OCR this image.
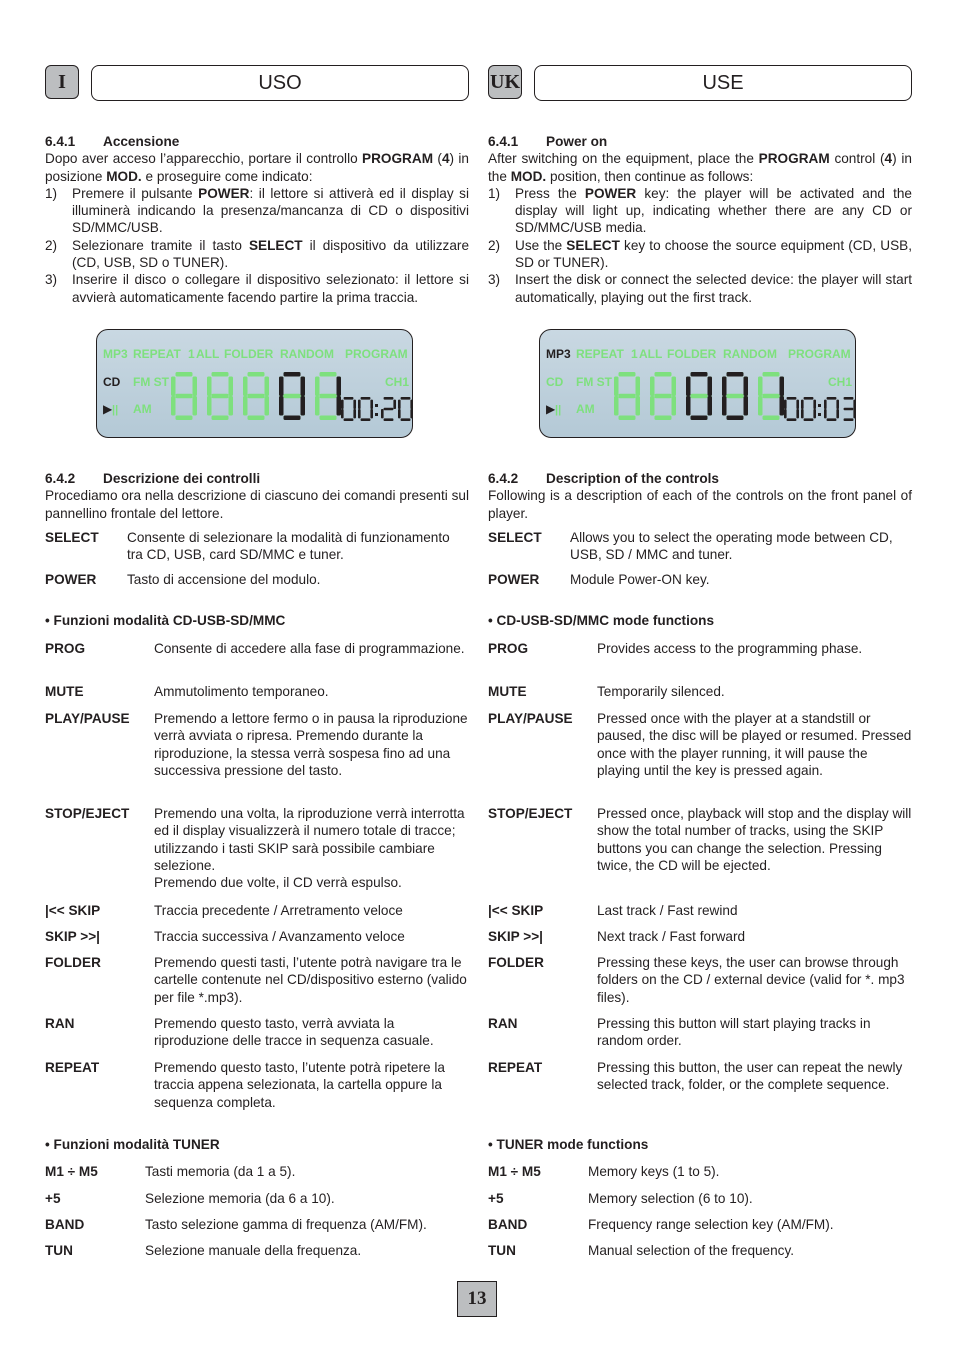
I	USO
6.4.1 Accensione
Dopo aver acceso l’apparecchio, portare il controllo PROGRAM (4) in posizione MOD. e proseguire come indicato:
1) Premere il pulsante POWER: il lettore si attiverà ed il display si illuminerà indicando la presenza/mancanza di CD o dispositivi SD/MMC/USB.
2) Selezionare tramite il tasto SELECT il dispositivo da utilizzare (CD, USB, SD o TUNER).
3) Inserire il disco o collegare il dispositivo selezionato: il lettore si avvierà automaticamente facendo partire la prima traccia.
MP3 REPEAT 1 ALL FOLDER RANDOM PROGRAM
CD FM ST	CH1
▶ || AM
6.4.2 Descrizione dei controlli
Procediamo ora nella descrizione di ciascuno dei comandi presenti sul pannellino frontale del lettore.
SELECT Consente di selezionare la modalità di funzionamento tra CD, USB, card SD/MMC e tuner.
POWER Tasto di accensione del modulo.
• Funzioni modalità CD-USB-SD/MMC
PROG	Consente di accedere alla fase di programmazione.
MUTE	Ammutolimento temporaneo.
PLAY/PAUSE Premendo a lettore fermo o in pausa la riproduzione verrà avviata o ripresa. Premendo durante la riproduzione, la stessa verrà sospesa fino ad una successiva pressione del tasto.
STOP/EJECT Premendo una volta, la riproduzione verrà interrotta ed il display visualizzerà il numero totale di tracce; utilizzando i tasti SKIP sarà possibile cambiare selezione.
Premendo due volte, il CD verrà espulso.
|<< SKIP	Traccia precedente / Arretramento veloce
SKIP >>|	Traccia successiva / Avanzamento veloce
FOLDER	Premendo questi tasti, l’utente potrà navigare tra le cartelle contenute nel CD/dispositivo esterno (valido per file *.mp3).
RAN	Premendo questo tasto, verrà avviata la riproduzione delle tracce in sequenza casuale.
REPEAT	Premendo questo tasto, l’utente potrà ripetere la traccia appena selezionata, la cartella oppure la sequenza completa.
• Funzioni modalità TUNER
M1 ÷ M5	Tasti memoria (da 1 a 5).
+5	Selezione memoria (da 6 a 10).
BAND	Tasto selezione gamma di frequenza (AM/FM).
TUN	Selezione manuale della frequenza.
UK	USE
6.4.1 Power on
After switching on the equipment, place the PROGRAM control (4) in the MOD. position, then continue as follows:
1) Press the POWER key: the player will be activated and the display will light up, indicating whether there are any CD or SD/MMC/USB media.
2) Use the SELECT key to choose the source equipment (CD, USB, SD or TUNER).
3) Insert the disk or connect the selected device: the player will start automatically, playing out the first track.
MP3 REPEAT 1 ALL FOLDER RANDOM PROGRAM
CD FM ST	CH1
▶ || AM
6.4.2 Description of the controls
Following is a description of each of the controls on the front panel of player.
SELECT Allows you to select the operating mode between CD, USB, SD / MMC and tuner.
POWER Module Power-ON key.
• CD-USB-SD/MMC mode functions
PROG	Provides access to the programming phase.
MUTE	Temporarily silenced.
PLAY/PAUSE Pressed once with the player at a standstill or paused, the disc will be played or resumed. Pressed once with the player running, it will pause the playing until the key is pressed again.
STOP/EJECT Pressed once, playback will stop and the display will show the total number of tracks, using the SKIP buttons you can change the selection. Pressing twice, the CD will be ejected.
|<< SKIP	Last track / Fast rewind
SKIP >>|	Next track / Fast forward
FOLDER	Pressing these keys, the user can browse through folders on the CD / external device (valid for *. mp3 files).
RAN	Pressing this button will start playing tracks in random order.
REPEAT	Pressing this button, the user can repeat the newly selected track, folder, or the complete sequence.
• TUNER mode functions
M1 ÷ M5	Memory keys (1 to 5).
+5	Memory selection (6 to 10).
BAND	Frequency range selection key (AM/FM).
TUN	Manual selection of the frequency.
13
